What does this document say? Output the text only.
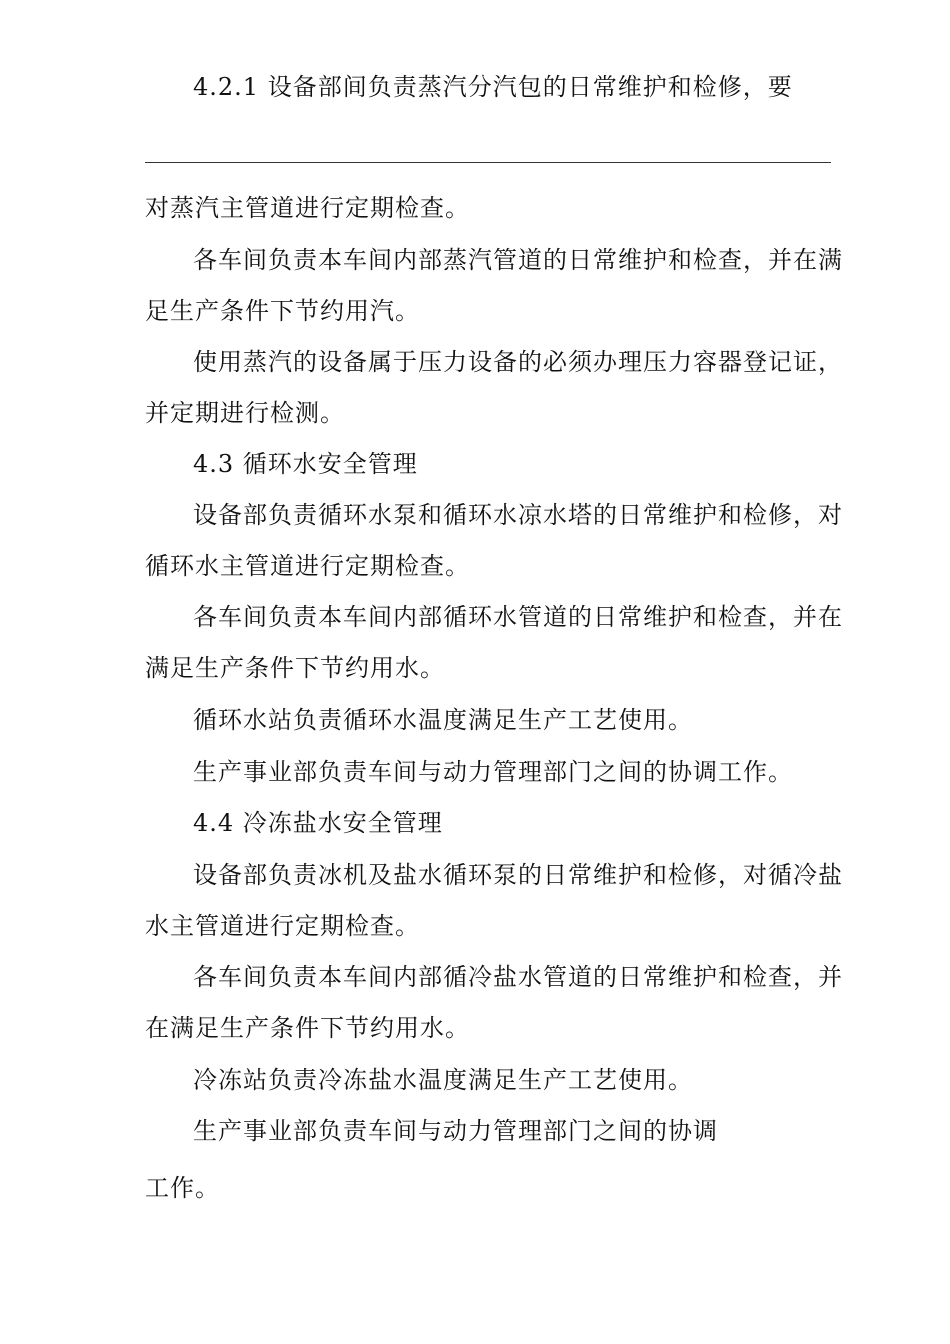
4.2.1 设备部间负责蒸汽分汽包的日常维护和检修，要
对蒸汽主管道进行定期检查。
各车间负责本车间内部蒸汽管道的日常维护和检查，并在满
足生产条件下节约用汽。
使用蒸汽的设备属于压力设备的必须办理压力容器登记证，
并定期进行检测。
4.3 循环水安全管理
设备部负责循环水泵和循环水凉水塔的日常维护和检修，对
循环水主管道进行定期检查。
各车间负责本车间内部循环水管道的日常维护和检查，并在
满足生产条件下节约用水。
循环水站负责循环水温度满足生产工艺使用。
生产事业部负责车间与动力管理部门之间的协调工作。
4.4 冷冻盐水安全管理
设备部负责冰机及盐水循环泵的日常维护和检修，对循冷盐
水主管道进行定期检查。
各车间负责本车间内部循冷盐水管道的日常维护和检查，并
在满足生产条件下节约用水。
冷冻站负责冷冻盐水温度满足生产工艺使用。
生产事业部负责车间与动力管理部门之间的协调
工作。
